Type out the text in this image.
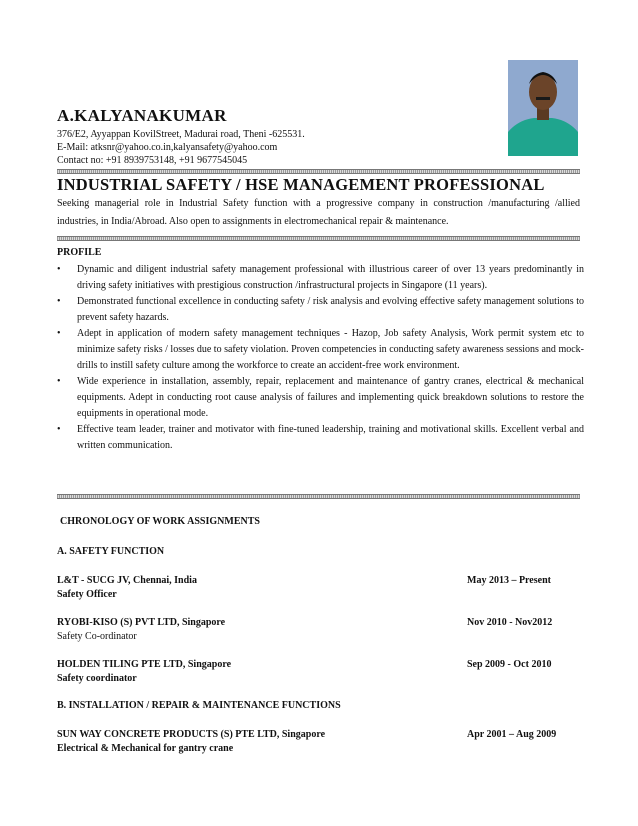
A.KALYANAKUMAR
376/E2, Ayyappan KovilStreet, Madurai road, Theni -625531.
E-Mail: atksnr@yahoo.co.in,kalyansafety@yahoo.com
Contact no: +91 8939753148, +91 9677545045
INDUSTRIAL SAFETY / HSE MANAGEMENT PROFESSIONAL
Seeking managerial role in Industrial Safety function with a progressive company in construction /manufacturing /allied industries, in India/Abroad. Also open to assignments in electromechanical repair & maintenance.
PROFILE
• Dynamic and diligent industrial safety management professional with illustrious career of over 13 years predominantly in driving safety initiatives with prestigious construction /infrastructural projects in Singapore (11 years).
• Demonstrated functional excellence in conducting safety / risk analysis and evolving effective safety management solutions to prevent safety hazards.
• Adept in application of modern safety management techniques - Hazop, Job safety Analysis, Work permit system etc to minimize safety risks / losses due to safety violation. Proven competencies in conducting safety awareness sessions and mock-drills to instill safety culture among the workforce to create an accident-free work environment.
• Wide experience in installation, assembly, repair, replacement and maintenance of gantry cranes, electrical & mechanical equipments. Adept in conducting root cause analysis of failures and implementing quick breakdown solutions to restore the equipments in operational mode.
• Effective team leader, trainer and motivator with fine-tuned leadership, training and motivational skills. Excellent verbal and written communication.
CHRONOLOGY OF WORK ASSIGNMENTS
A. SAFETY FUNCTION
L&T - SUCG JV, Chennai, India	May 2013 – Present
Safety Officer
RYOBI-KISO (S) PVT LTD, Singapore	Nov 2010 - Nov2012
Safety Co-ordinator
HOLDEN TILING PTE LTD, Singapore	Sep 2009 - Oct 2010
Safety coordinator
B. INSTALLATION / REPAIR & MAINTENANCE FUNCTIONS
SUN WAY CONCRETE PRODUCTS (S) PTE LTD, Singapore	Apr 2001 – Aug 2009
Electrical & Mechanical for gantry crane
